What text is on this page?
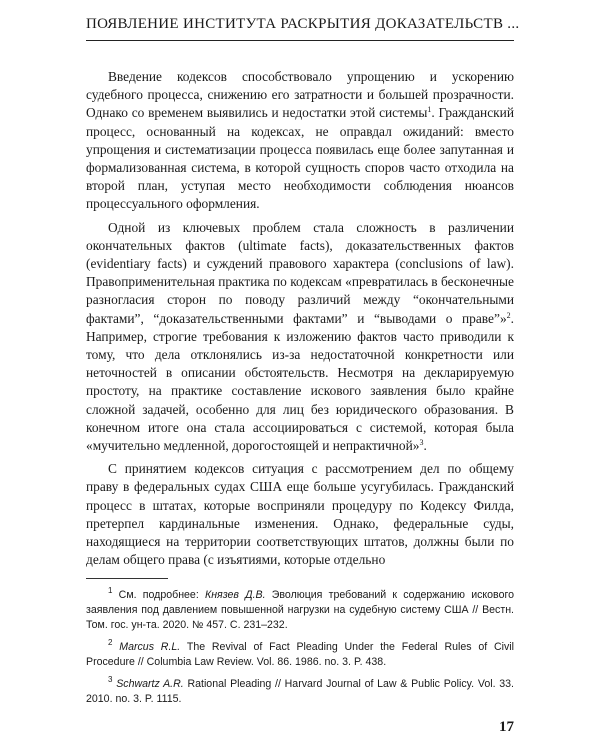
ПОЯВЛЕНИЕ ИНСТИТУТА РАСКРЫТИЯ ДОКАЗАТЕЛЬСТВ ...

Введение кодексов способствовало упрощению и ускорению судебного процесса, снижению его затратности и большей прозрачности. Однако со временем выявились и недостатки этой системы$^1$. Гражданский процесс, основанный на кодексах, не оправдал ожиданий: вместо упрощения и систематизации процесса появилась еще более запутанная и формализованная система, в которой сущность споров часто отходила на второй план, уступая место необходимости соблюдения нюансов процессуального оформления.

Одной из ключевых проблем стала сложность в различении окончательных фактов (ultimate facts), доказательственных фактов (evidentiary facts) и суждений правового характера (conclusions of law). Правоприменительная практика по кодексам «превратилась в бесконечные разногласия сторон по поводу различий между “окончательными фактами”, “доказательственными фактами” и “выводами о праве”»$^2$. Например, строгие требования к изложению фактов часто приводили к тому, что дела отклонялись из-за недостаточной конкретности или неточностей в описании обстоятельств. Несмотря на декларируемую простоту, на практике составление искового заявления было крайне сложной задачей, особенно для лиц без юридического образования. В конечном итоге она стала ассоциироваться с системой, которая была «мучительно медленной, дорогостоящей и непрактичной»$^3$.

С принятием кодексов ситуация с рассмотрением дел по общему праву в федеральных судах США еще больше усугубилась. Гражданский процесс в штатах, которые восприняли процедуру по Кодексу Филда, претерпел кардинальные изменения. Однако, федеральные суды, находящиеся на территории соответствующих штатов, должны были по делам общего права (с изъятиями, которые отдельно

$^1$ См. подробнее: Князев Д.В. Эволюция требований к содержанию искового заявления под давлением повышенной нагрузки на судебную систему США // Вестн. Том. гос. ун-та. 2020. № 457. С. 231–232.

$^2$ Marcus R.L. The Revival of Fact Pleading Under the Federal Rules of Civil Procedure // Columbia Law Review. Vol. 86. 1986. no. 3. P. 438.

$^3$ Schwartz A.R. Rational Pleading // Harvard Journal of Law & Public Policy. Vol. 33. 2010. no. 3. P. 1115.

17
